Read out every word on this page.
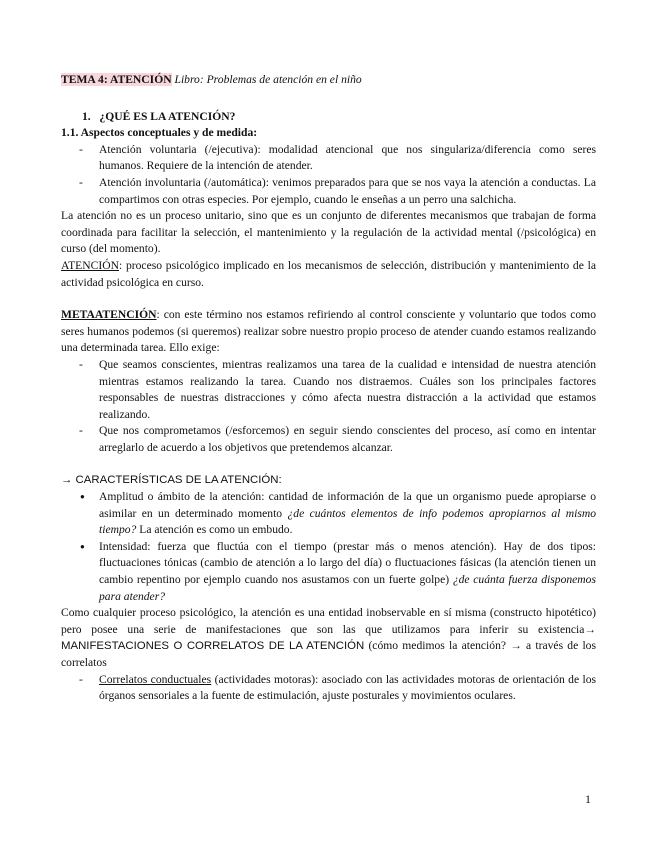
TEMA 4: ATENCIÓN Libro: Problemas de atención en el niño

1. ¿QUÉ ES LA ATENCIÓN?

1.1. Aspectos conceptuales y de medida:

- Atención voluntaria (/ejecutiva): modalidad atencional que nos singulariza/diferencia como seres humanos. Requiere de la intención de atender.
- Atención involuntaria (/automática): venimos preparados para que se nos vaya la atención a conductas. La compartimos con otras especies. Por ejemplo, cuando le enseñas a un perro una salchicha.

La atención no es un proceso unitario, sino que es un conjunto de diferentes mecanismos que trabajan de forma coordinada para facilitar la selección, el mantenimiento y la regulación de la actividad mental (/psicológica) en curso (del momento).

ATENCIÓN: proceso psicológico implicado en los mecanismos de selección, distribución y mantenimiento de la actividad psicológica en curso.

METAATENCIÓN: con este término nos estamos refiriendo al control consciente y voluntario que todos como seres humanos podemos (si queremos) realizar sobre nuestro propio proceso de atender cuando estamos realizando una determinada tarea. Ello exige:

- Que seamos conscientes, mientras realizamos una tarea de la cualidad e intensidad de nuestra atención mientras estamos realizando la tarea. Cuando nos distraemos. Cuáles son los principales factores responsables de nuestras distracciones y cómo afecta nuestra distracción a la actividad que estamos realizando.
- Que nos comprometamos (/esforcemos) en seguir siendo conscientes del proceso, así como en intentar arreglarlo de acuerdo a los objetivos que pretendemos alcanzar.

→ CARACTERÍSTICAS DE LA ATENCIÓN:

● Amplitud o ámbito de la atención: cantidad de información de la que un organismo puede apropiarse o asimilar en un determinado momento ¿de cuántos elementos de info podemos apropiarnos al mismo tiempo? La atención es como un embudo.
● Intensidad: fuerza que fluctúa con el tiempo (prestar más o menos atención). Hay de dos tipos: fluctuaciones tónicas (cambio de atención a lo largo del día) o fluctuaciones fásicas (la atención tienen un cambio repentino por ejemplo cuando nos asustamos con un fuerte golpe) ¿de cuánta fuerza disponemos para atender?

Como cualquier proceso psicológico, la atención es una entidad inobservable en sí misma (constructo hipotético) pero posee una serie de manifestaciones que son las que utilizamos para inferir su existencia→ MANIFESTACIONES O CORRELATOS DE LA ATENCIÓN (cómo medimos la atención? → a través de los correlatos

- Correlatos conductuales (actividades motoras): asociado con las actividades motoras de orientación de los órganos sensoriales a la fuente de estimulación, ajuste posturales y movimientos oculares.
1
